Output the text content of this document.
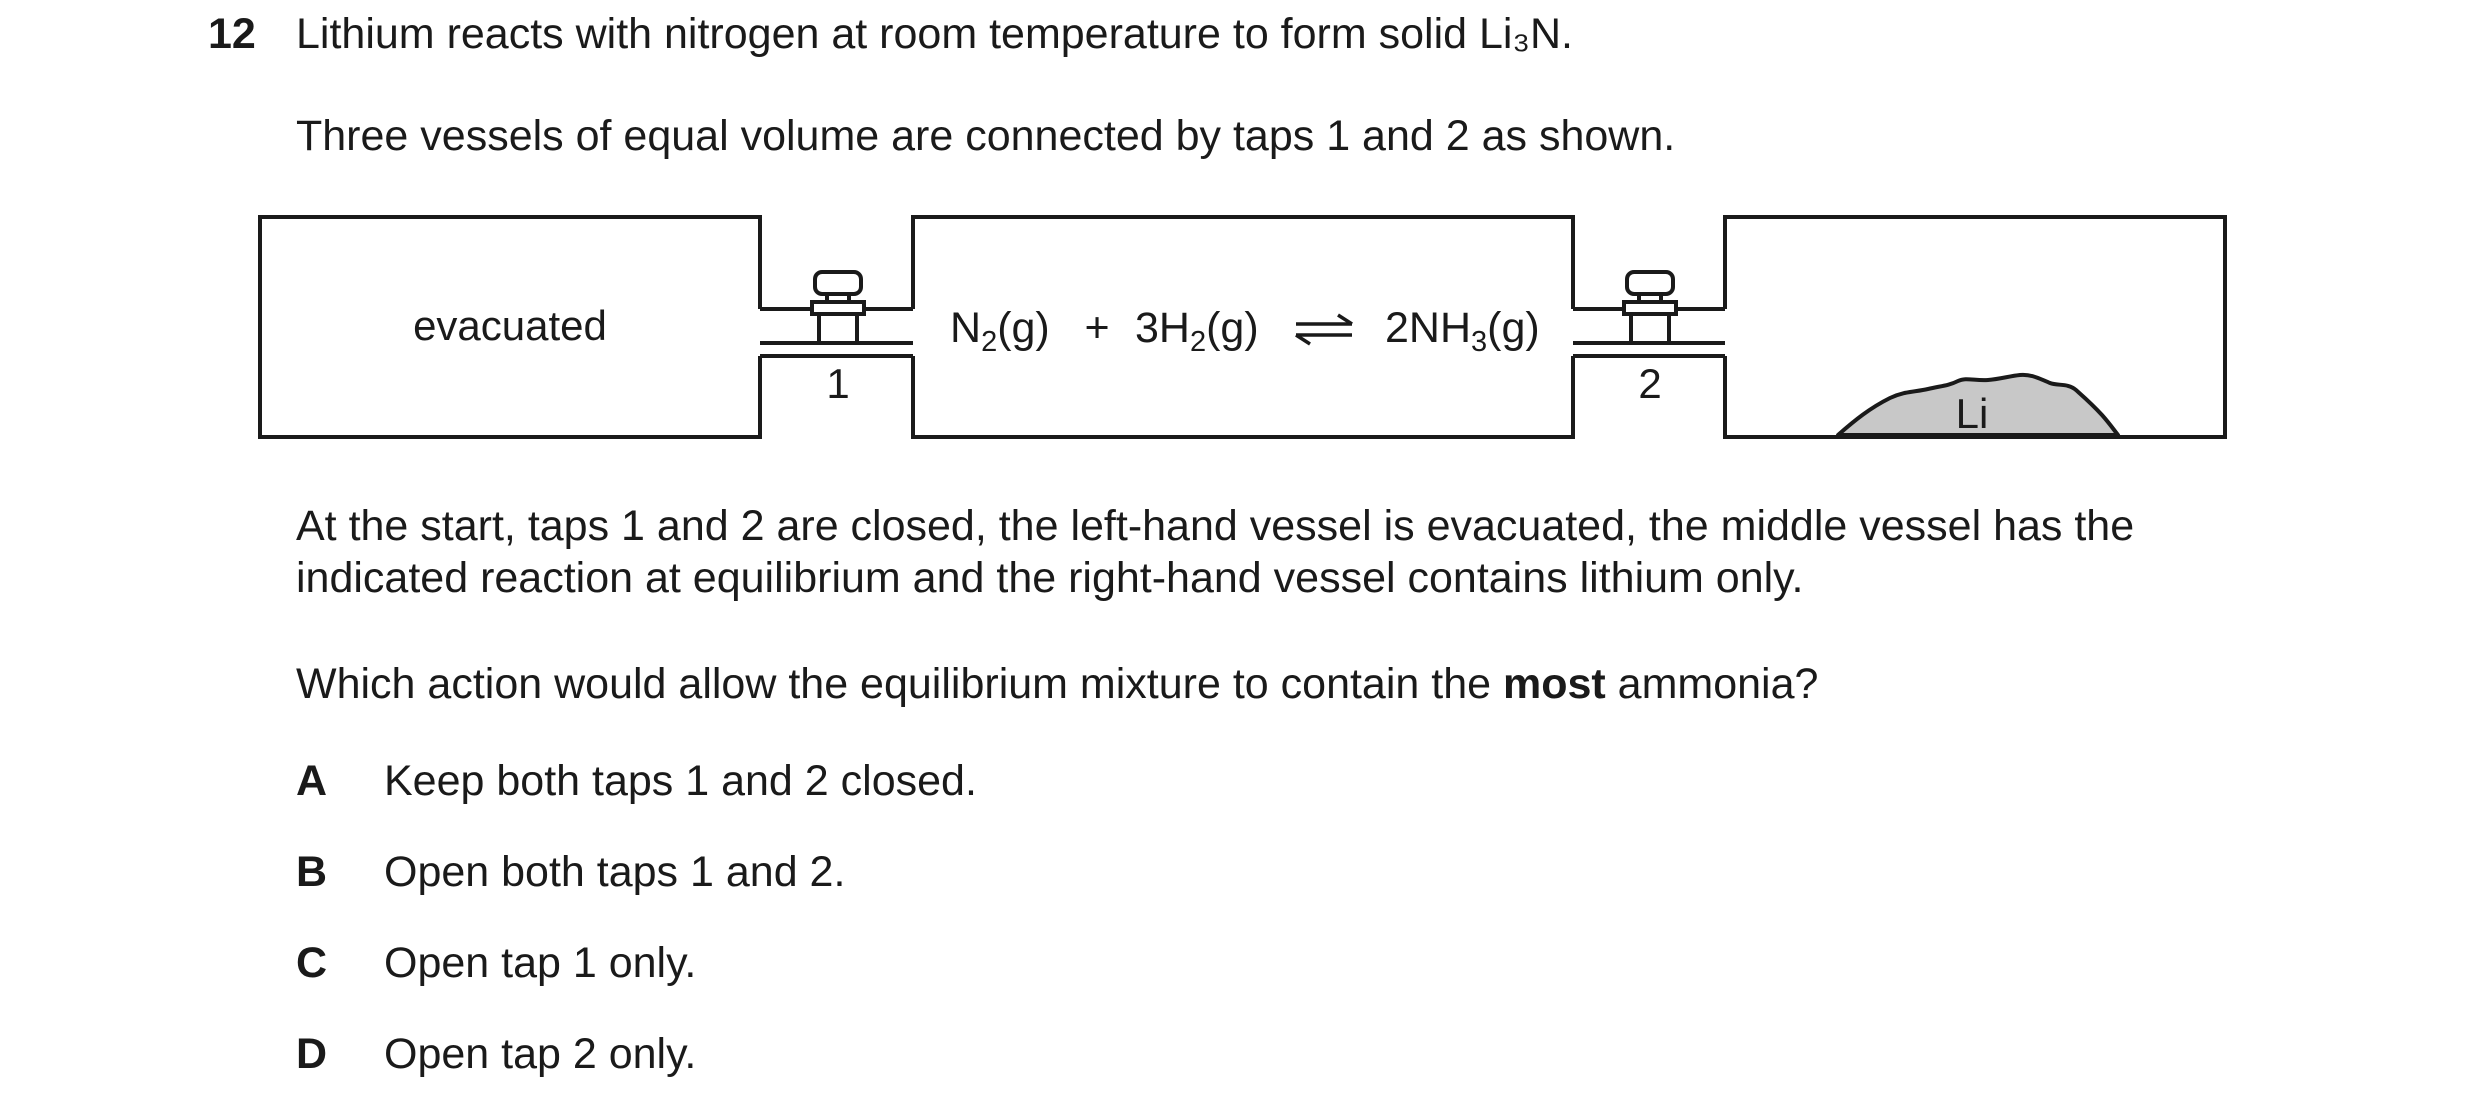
12 Lithium reacts with nitrogen at room temperature to form solid Li₃N.
Three vessels of equal volume are connected by taps 1 and 2 as shown.
evacuated
1	2
Li
$N_2(g) + 3H_2(g)$	$2NH_3(g)$
At the start, taps 1 and 2 are closed, the left-hand vessel is evacuated, the middle vessel has the
indicated reaction at equilibrium and the right-hand vessel contains lithium only.
Which action would allow the equilibrium mixture to contain the most ammonia?
A Keep both taps 1 and 2 closed.
B Open both taps 1 and 2.
C Open tap 1 only.
D Open tap 2 only.
